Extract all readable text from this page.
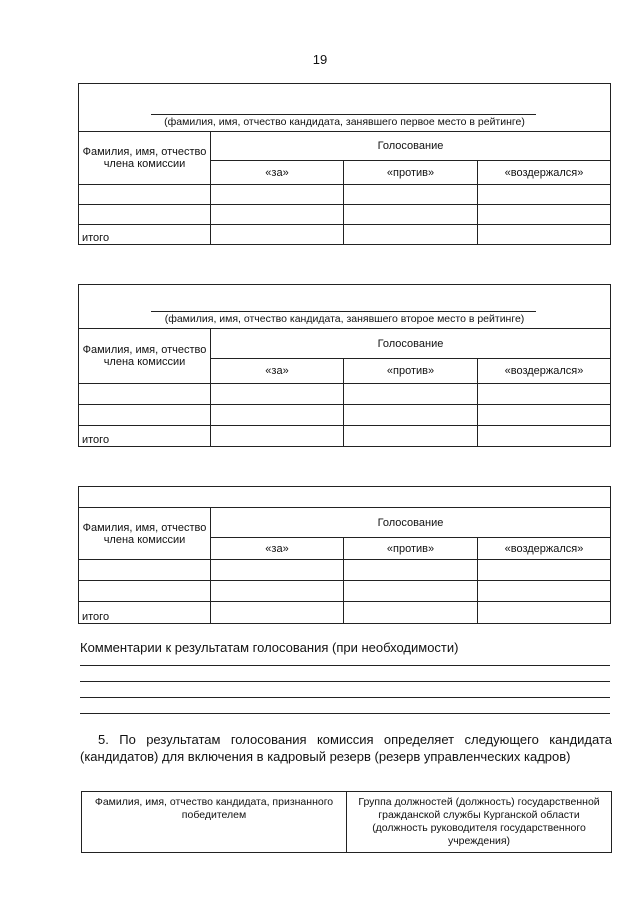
19
(фамилия, имя, отчество кандидата, занявшего первое место в рейтинге)			

Фамилия, имя, отчество члена комиссии	Голосование		
	«за»	«против»	«воздержался»

итого			
(фамилия, имя, отчество кандидата, занявшего второе место в рейтинге)			

Фамилия, имя, отчество члена комиссии	Голосование		
	«за»	«против»	«воздержался»

итого			

Фамилия, имя, отчество члена комиссии	Голосование		
	«за»	«против»	«воздержался»

итого			
Комментарии к результатам голосования (при необходимости)
5. По результатам голосования комиссия определяет следующего кандидата (кандидатов) для включения в кадровый резерв (резерв управленческих кадров)
Фамилия, имя, отчество кандидата, признанного победителем	Группа должностей (должность) государственной гражданской службы Курганской области (должность руководителя государственного учреждения)
